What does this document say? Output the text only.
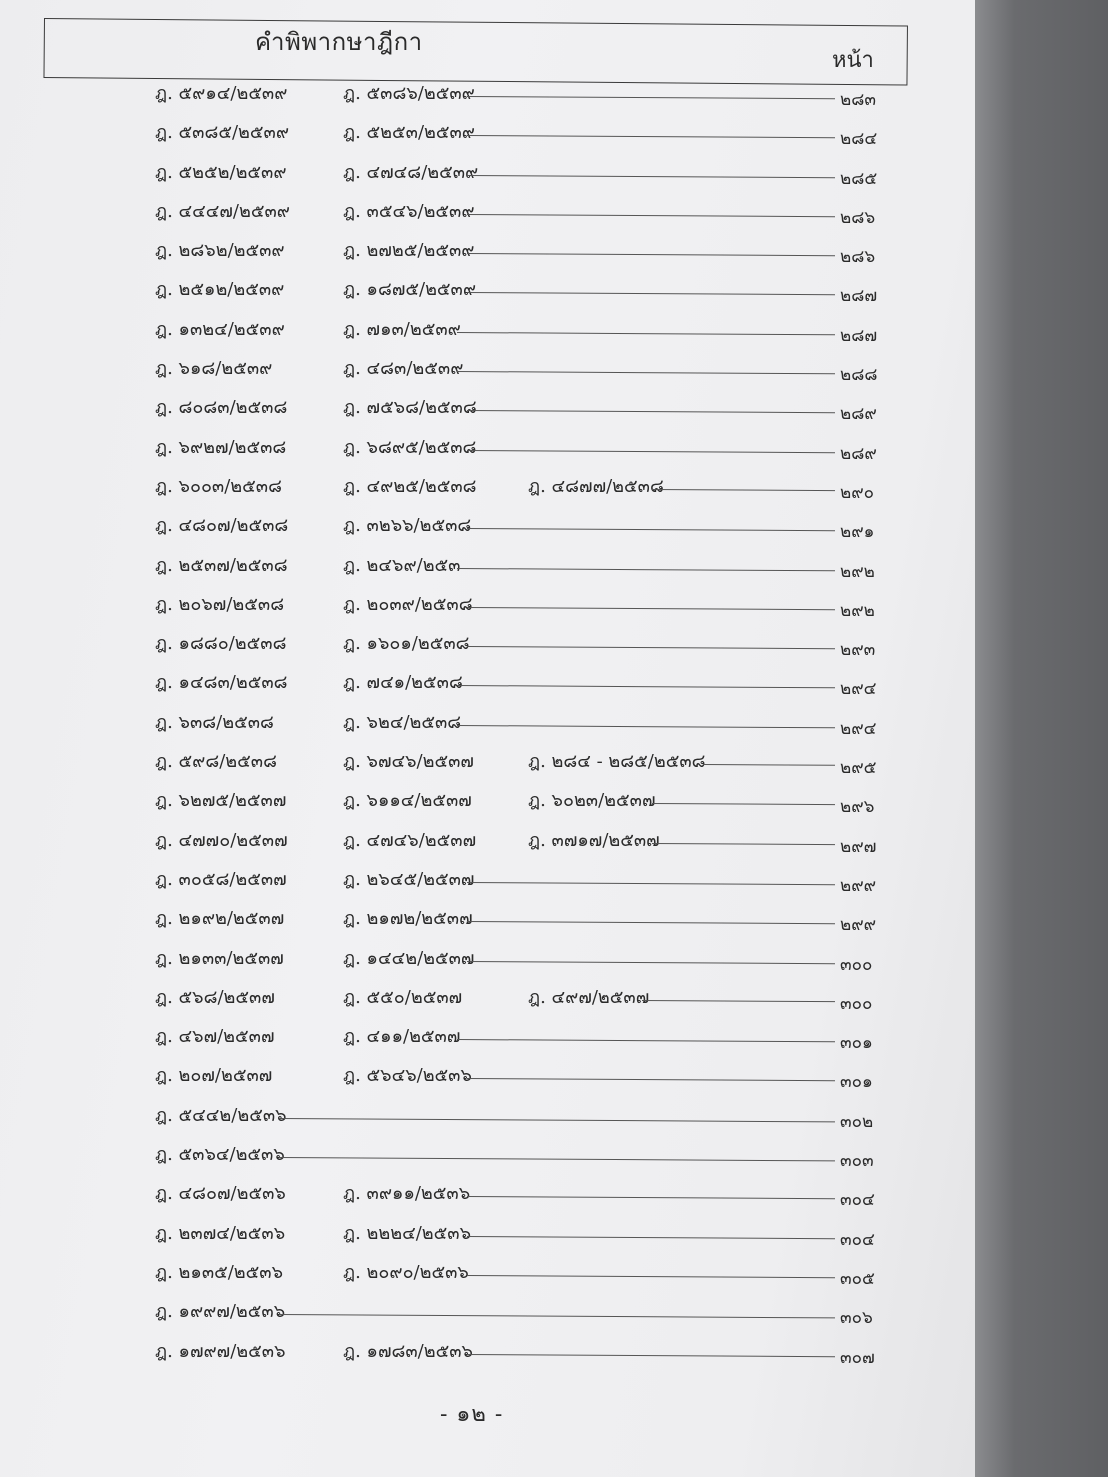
คำพิพากษาฎีกา
หน้า
ฎ. ๕๙๑๔/๒๕๓๙	ฎ. ๕๓๘๖/๒๕๓๙	๒๘๓
ฎ. ๕๓๘๕/๒๕๓๙	ฎ. ๕๒๕๓/๒๕๓๙	๒๘๔
ฎ. ๕๒๕๒/๒๕๓๙	ฎ. ๔๗๔๘/๒๕๓๙	๒๘๕
ฎ. ๔๔๔๗/๒๕๓๙	ฎ. ๓๕๔๖/๒๕๓๙	๒๘๖
ฎ. ๒๘๖๒/๒๕๓๙	ฎ. ๒๗๒๕/๒๕๓๙	๒๘๖
ฎ. ๒๕๑๒/๒๕๓๙	ฎ. ๑๘๗๕/๒๕๓๙	๒๘๗
ฎ. ๑๓๒๔/๒๕๓๙	ฎ. ๗๑๓/๒๕๓๙	๒๘๗
ฎ. ๖๑๘/๒๕๓๙	ฎ. ๔๘๓/๒๕๓๙	๒๘๘
ฎ. ๘๐๘๓/๒๕๓๘	ฎ. ๗๕๖๘/๒๕๓๘	๒๘๙
ฎ. ๖๙๒๗/๒๕๓๘	ฎ. ๖๘๙๕/๒๕๓๘	๒๘๙
ฎ. ๖๐๐๓/๒๕๓๘	ฎ. ๔๙๒๕/๒๕๓๘	ฎ. ๔๘๗๗/๒๕๓๘	๒๙๐
ฎ. ๔๘๐๗/๒๕๓๘	ฎ. ๓๒๖๖/๒๕๓๘	๒๙๑
ฎ. ๒๕๓๗/๒๕๓๘	ฎ. ๒๔๖๙/๒๕๓	๒๙๒
ฎ. ๒๐๖๗/๒๕๓๘	ฎ. ๒๐๓๙/๒๕๓๘	๒๙๒
ฎ. ๑๘๘๐/๒๕๓๘	ฎ. ๑๖๐๑/๒๕๓๘	๒๙๓
ฎ. ๑๔๘๓/๒๕๓๘	ฎ. ๗๔๑/๒๕๓๘	๒๙๔
ฎ. ๖๓๘/๒๕๓๘	ฎ. ๖๒๔/๒๕๓๘	๒๙๔
ฎ. ๕๙๘/๒๕๓๘	ฎ. ๖๗๔๖/๒๕๓๗	ฎ. ๒๘๔ - ๒๘๕/๒๕๓๘	๒๙๕
ฎ. ๖๒๗๕/๒๕๓๗	ฎ. ๖๑๑๔/๒๕๓๗	ฎ. ๖๐๒๓/๒๕๓๗	๒๙๖
ฎ. ๔๗๗๐/๒๕๓๗	ฎ. ๔๗๔๖/๒๕๓๗	ฎ. ๓๗๑๗/๒๕๓๗	๒๙๗
ฎ. ๓๐๕๘/๒๕๓๗	ฎ. ๒๖๔๕/๒๕๓๗	๒๙๙
ฎ. ๒๑๙๒/๒๕๓๗	ฎ. ๒๑๗๒/๒๕๓๗	๒๙๙
ฎ. ๒๑๓๓/๒๕๓๗	ฎ. ๑๔๔๒/๒๕๓๗	๓๐๐
ฎ. ๕๖๘/๒๕๓๗	ฎ. ๕๕๐/๒๕๓๗	ฎ. ๔๙๗/๒๕๓๗	๓๐๐
ฎ. ๔๖๗/๒๕๓๗	ฎ. ๔๑๑/๒๕๓๗	๓๐๑
ฎ. ๒๐๗/๒๕๓๗	ฎ. ๕๖๔๖/๒๕๓๖	๓๐๑
ฎ. ๕๔๔๒/๒๕๓๖	๓๐๒
ฎ. ๕๓๖๔/๒๕๓๖	๓๐๓
ฎ. ๔๘๐๗/๒๕๓๖	ฎ. ๓๙๑๑/๒๕๓๖	๓๐๔
ฎ. ๒๓๗๔/๒๕๓๖	ฎ. ๒๒๒๔/๒๕๓๖	๓๐๔
ฎ. ๒๑๓๕/๒๕๓๖	ฎ. ๒๐๙๐/๒๕๓๖	๓๐๕
ฎ. ๑๙๙๗/๒๕๓๖	๓๐๖
ฎ. ๑๗๙๗/๒๕๓๖	ฎ. ๑๗๘๓/๒๕๓๖	๓๐๗
- ๑๒ -
